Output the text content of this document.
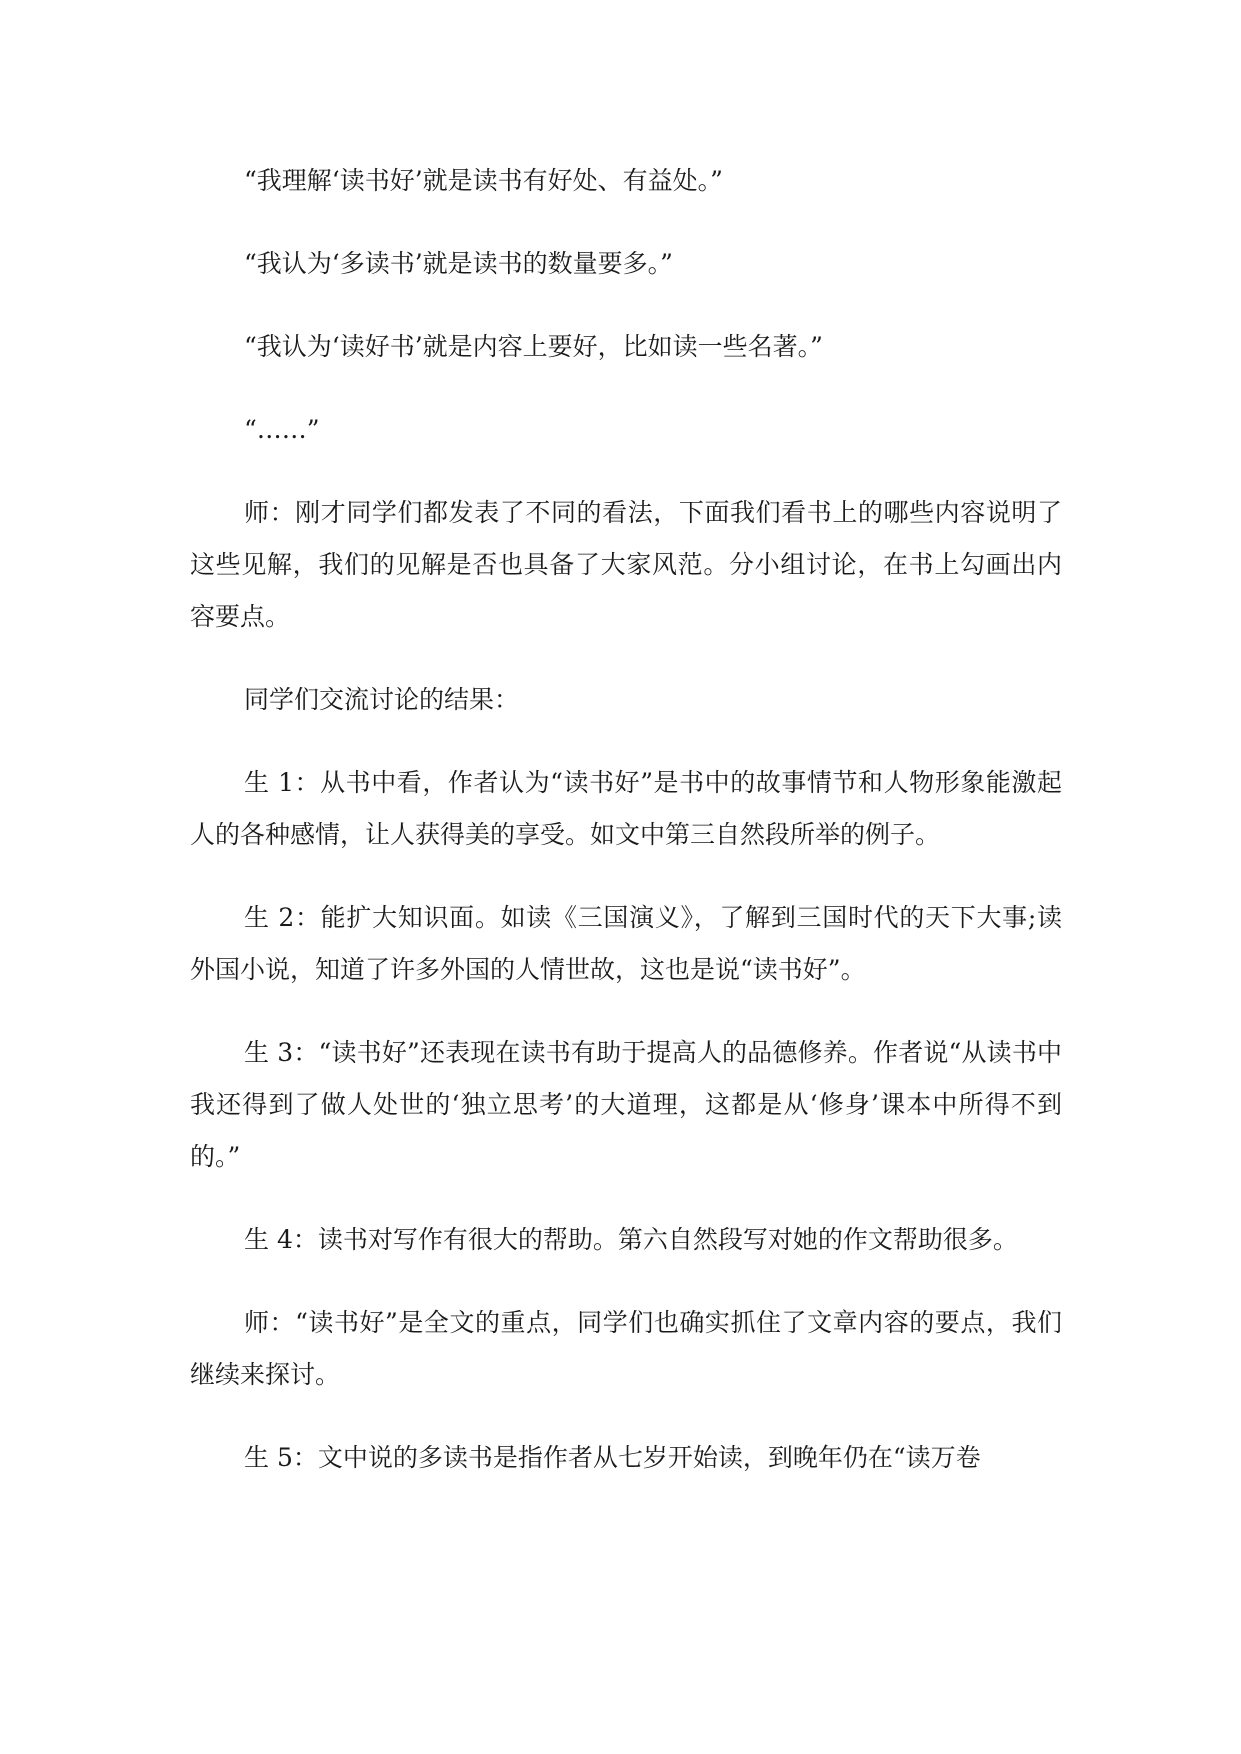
“我理解‘读书好’就是读书有好处、有益处。”

“我认为‘多读书’就是读书的数量要多。”

“我认为‘读好书’就是内容上要好，比如读一些名著。”

“……”

师：刚才同学们都发表了不同的看法，下面我们看书上的哪些内容说明了这些见解，我们的见解是否也具备了大家风范。分小组讨论，在书上勾画出内容要点。

同学们交流讨论的结果：

生 1：从书中看，作者认为“读书好”是书中的故事情节和人物形象能激起人的各种感情，让人获得美的享受。如文中第三自然段所举的例子。

生 2：能扩大知识面。如读《三国演义》，了解到三国时代的天下大事;读外国小说，知道了许多外国的人情世故，这也是说“读书好”。

生 3：“读书好”还表现在读书有助于提高人的品德修养。作者说“从读书中我还得到了做人处世的‘独立思考’的大道理，这都是从‘修身’课本中所得不到的。”

生 4：读书对写作有很大的帮助。第六自然段写对她的作文帮助很多。

师：“读书好”是全文的重点，同学们也确实抓住了文章内容的要点，我们继续来探讨。

生 5：文中说的多读书是指作者从七岁开始读，到晚年仍在“读万卷
